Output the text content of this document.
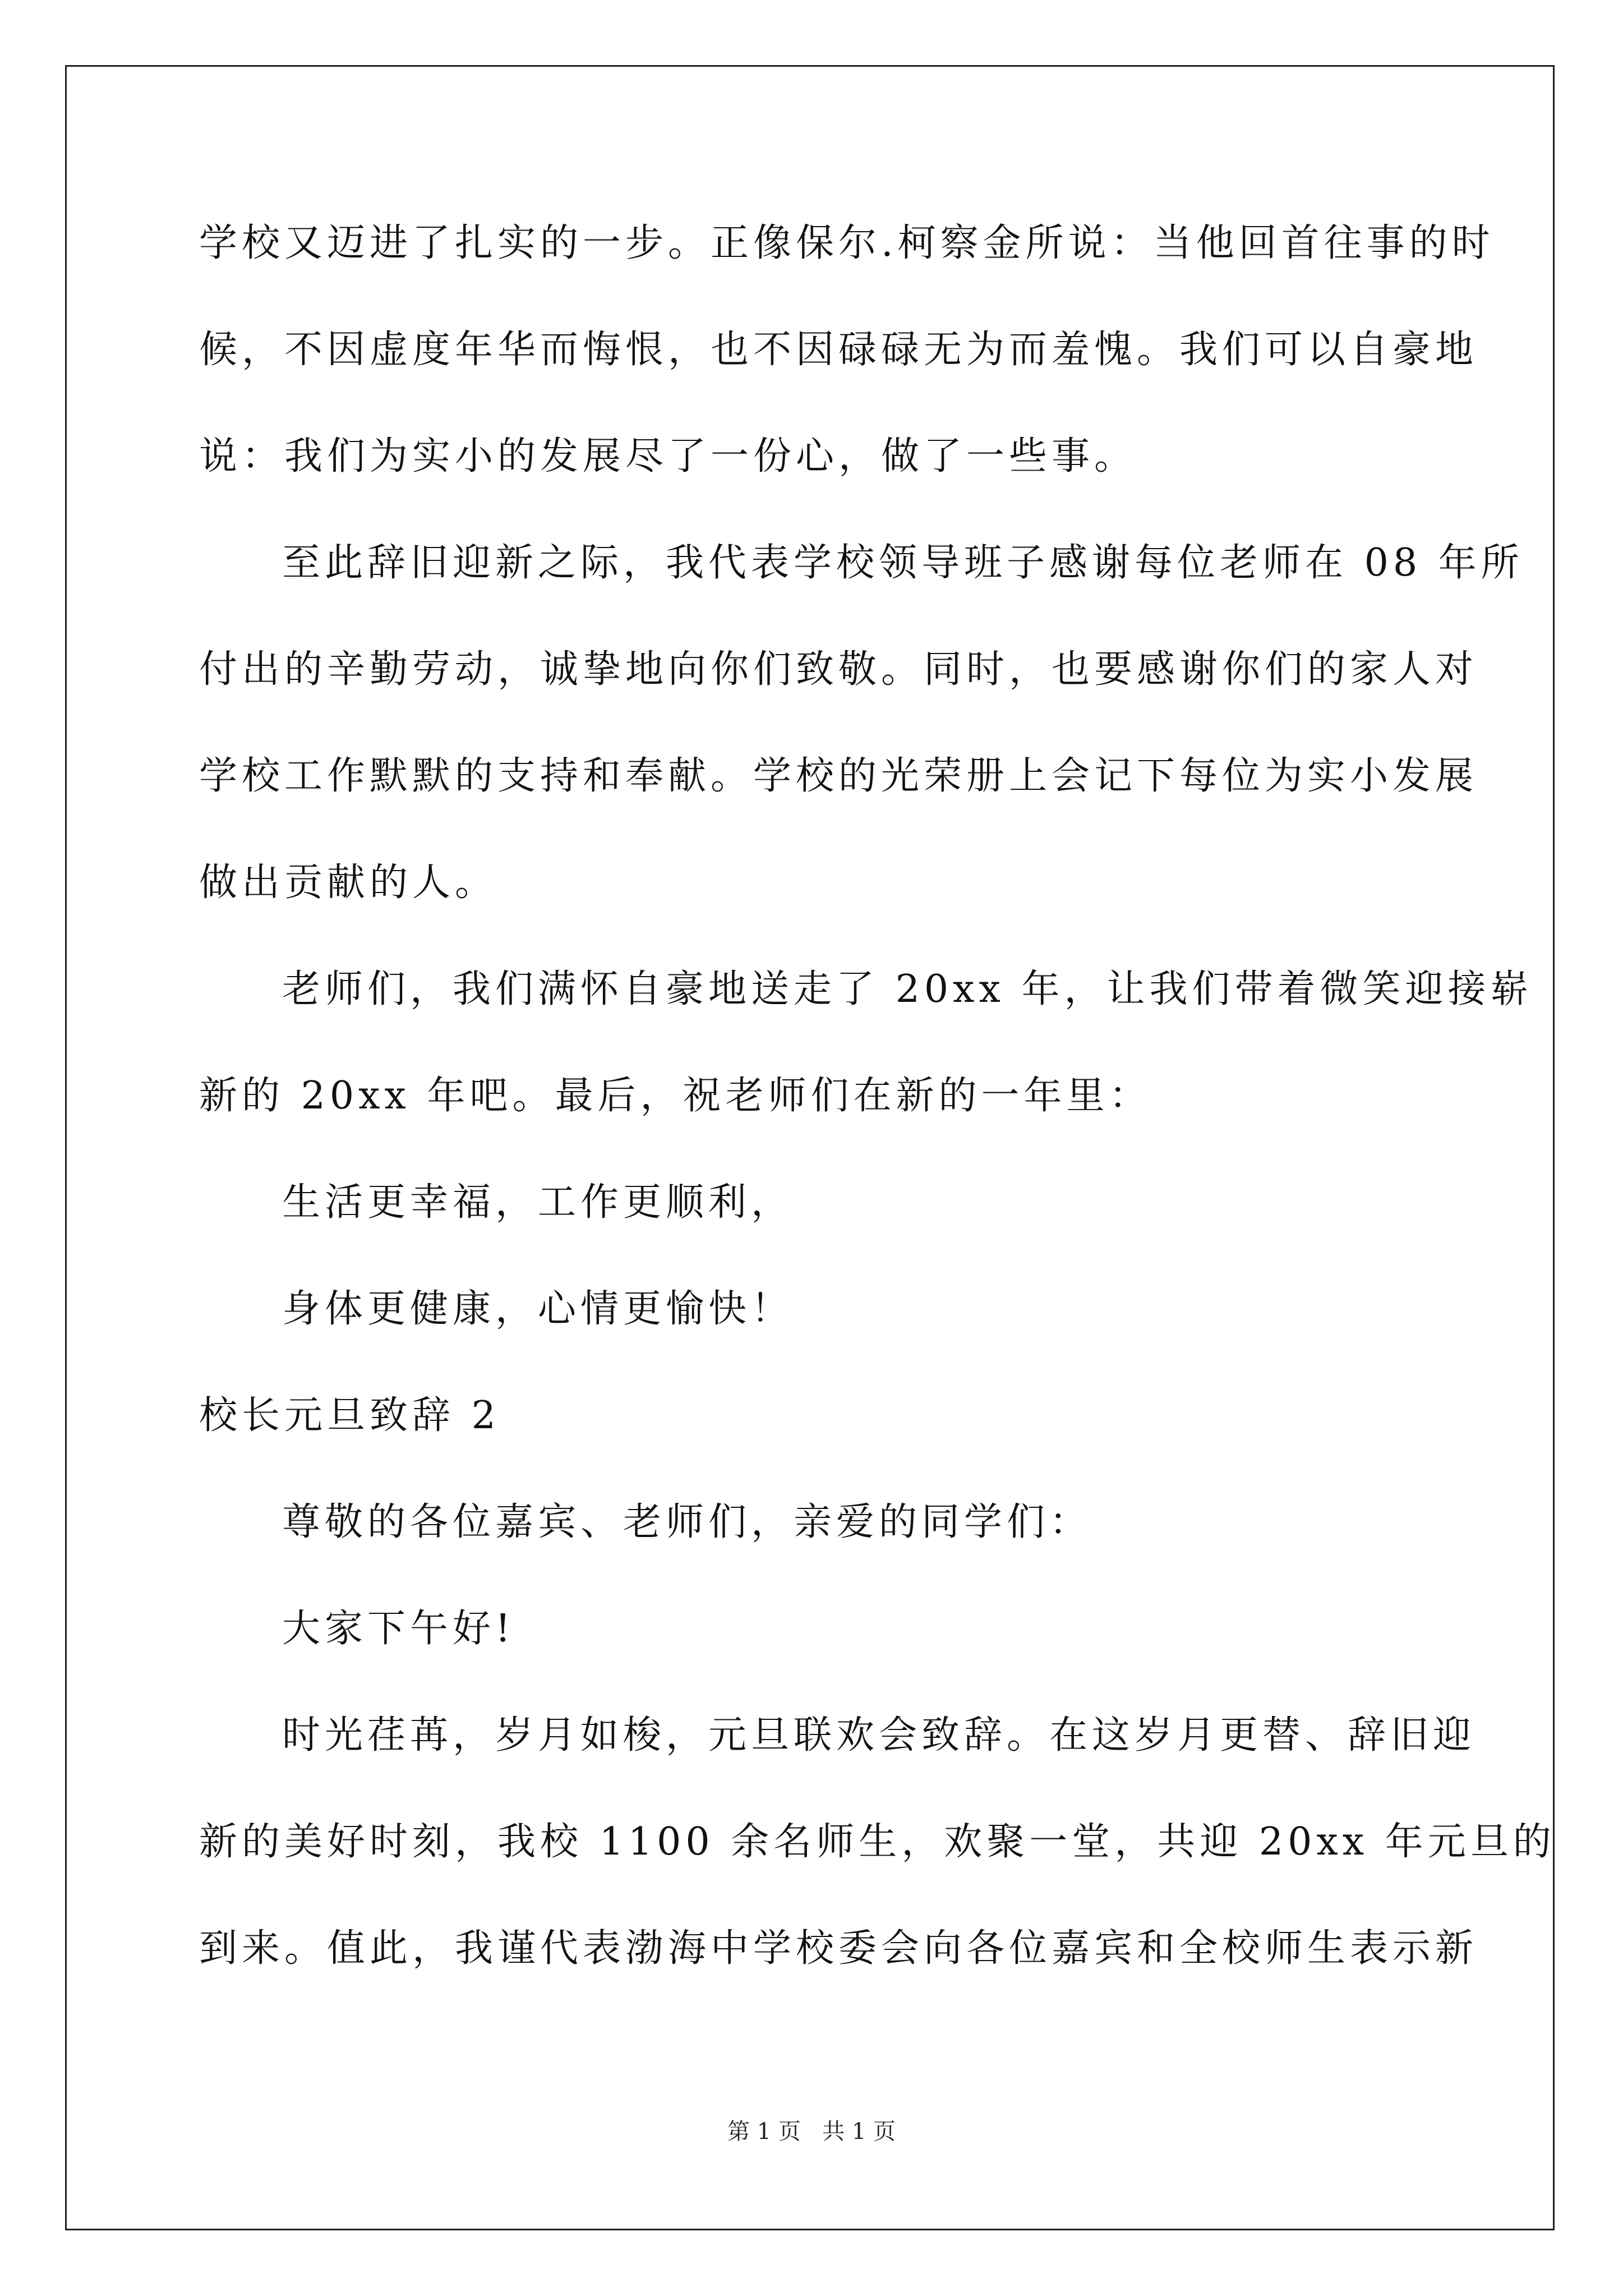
学校又迈进了扎实的一步。正像保尔.柯察金所说：当他回首往事的时
候，不因虚度年华而悔恨，也不因碌碌无为而羞愧。我们可以自豪地
说：我们为实小的发展尽了一份心，做了一些事。
至此辞旧迎新之际，我代表学校领导班子感谢每位老师在 08 年所
付出的辛勤劳动，诚挚地向你们致敬。同时，也要感谢你们的家人对
学校工作默默的支持和奉献。学校的光荣册上会记下每位为实小发展
做出贡献的人。
老师们，我们满怀自豪地送走了 20xx 年，让我们带着微笑迎接崭
新的 20xx 年吧。最后，祝老师们在新的一年里：
生活更幸福，工作更顺利，
身体更健康，心情更愉快！
校长元旦致辞 2
尊敬的各位嘉宾、老师们，亲爱的同学们：
大家下午好!
时光荏苒，岁月如梭，元旦联欢会致辞。在这岁月更替、辞旧迎
新的美好时刻，我校 1100 余名师生，欢聚一堂，共迎 20xx 年元旦的
到来。值此，我谨代表渤海中学校委会向各位嘉宾和全校师生表示新
第 1 页   共 1 页
